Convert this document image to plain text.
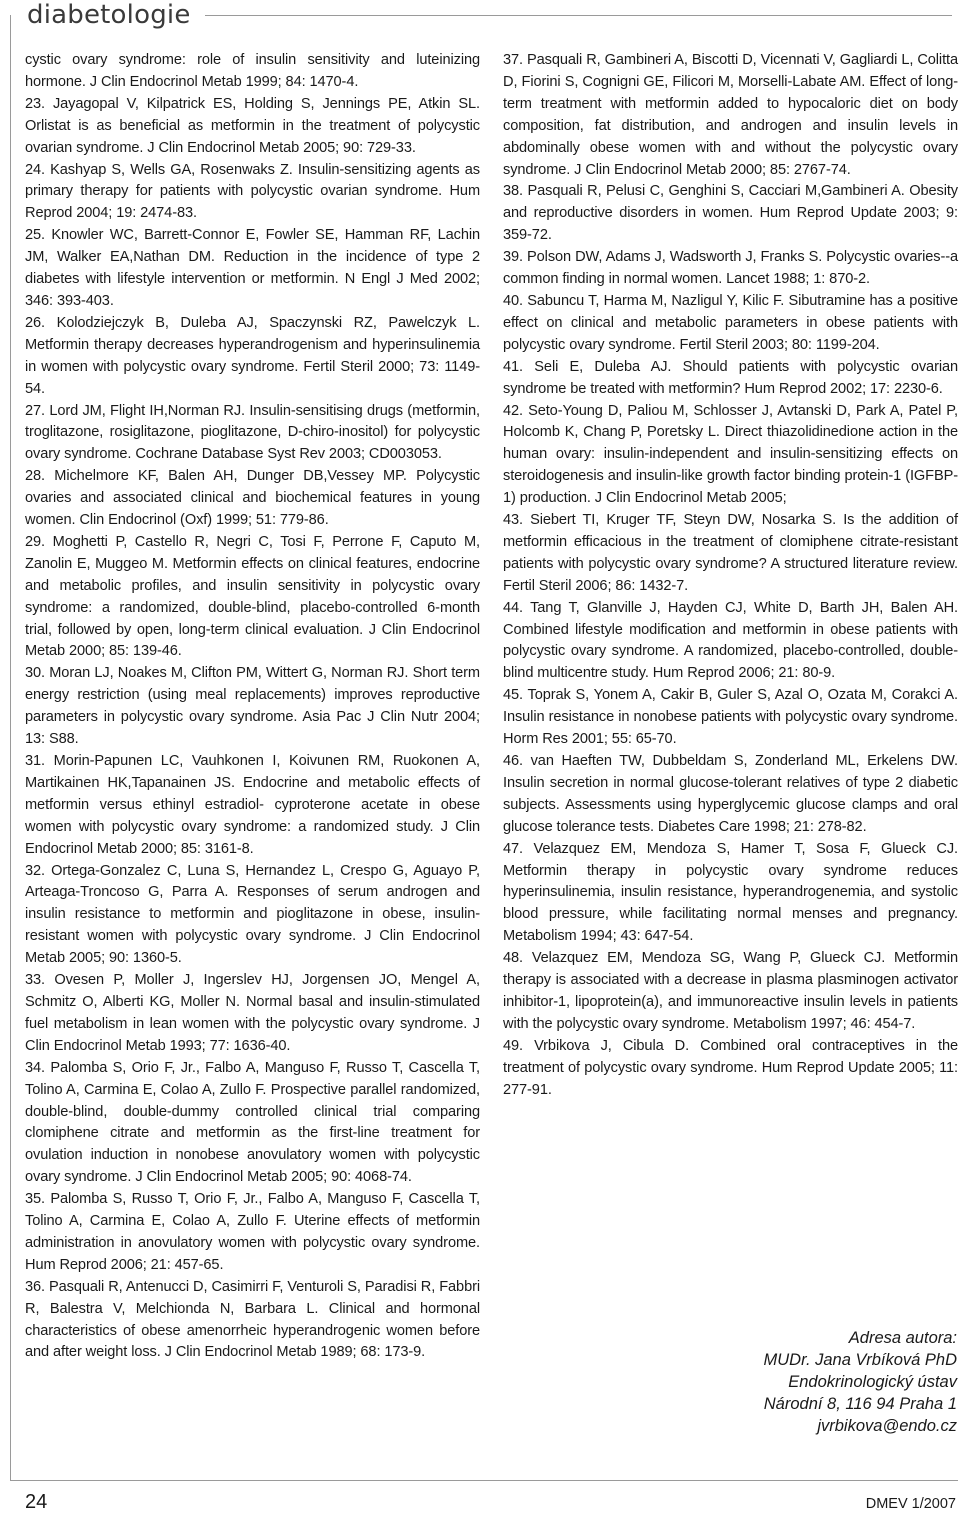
diabetologie

cystic ovary syndrome: role of insulin sensitivity and luteinizing hormone. J Clin Endocrinol Metab 1999; 84: 1470-4.

23. Jayagopal V, Kilpatrick ES, Holding S, Jennings PE, Atkin SL. Orlistat is as beneficial as metformin in the treatment of polycystic ovarian syndrome. J Clin Endocrinol Metab 2005; 90: 729-33.

24. Kashyap S, Wells GA, Rosenwaks Z. Insulin-sensitizing agents as primary therapy for patients with polycystic ovarian syndrome. Hum Reprod 2004; 19: 2474-83.

25. Knowler WC, Barrett-Connor E, Fowler SE, Hamman RF, Lachin JM, Walker EA,Nathan DM. Reduction in the incidence of type 2 diabetes with lifestyle intervention or metformin. N Engl J Med 2002; 346: 393-403.

26. Kolodziejczyk B, Duleba AJ, Spaczynski RZ, Pawelczyk L. Metformin therapy decreases hyperandrogenism and hyperinsulinemia in women with polycystic ovary syndrome. Fertil Steril 2000; 73: 1149-54.

27. Lord JM, Flight IH,Norman RJ. Insulin-sensitising drugs (metformin, troglitazone, rosiglitazone, pioglitazone, D-chiro-inositol) for polycystic ovary syndrome. Cochrane Database Syst Rev 2003; CD003053.

28. Michelmore KF, Balen AH, Dunger DB,Vessey MP. Polycystic ovaries and associated clinical and biochemical features in young women. Clin Endocrinol (Oxf) 1999; 51: 779-86.

29. Moghetti P, Castello R, Negri C, Tosi F, Perrone F, Caputo M, Zanolin E, Muggeo M. Metformin effects on clinical features, endocrine and metabolic profiles, and insulin sensitivity in polycystic ovary syndrome: a randomized, double-blind, placebo-controlled 6-month trial, followed by open, long-term clinical evaluation. J Clin Endocrinol Metab 2000; 85: 139-46.

30. Moran LJ, Noakes M, Clifton PM, Wittert G, Norman RJ. Short term energy restriction (using meal replacements) improves reproductive parameters in polycystic ovary syndrome. Asia Pac J Clin Nutr 2004; 13: S88.

31. Morin-Papunen LC, Vauhkonen I, Koivunen RM, Ruokonen A, Martikainen HK,Tapanainen JS. Endocrine and metabolic effects of metformin versus ethinyl estradiol- cyproterone acetate in obese women with polycystic ovary syndrome: a randomized study. J Clin Endocrinol Metab 2000; 85: 3161-8.

32. Ortega-Gonzalez C, Luna S, Hernandez L, Crespo G, Aguayo P, Arteaga-Troncoso G, Parra A. Responses of serum androgen and insulin resistance to metformin and pioglitazone in obese, insulin-resistant women with polycystic ovary syndrome. J Clin Endocrinol Metab 2005; 90: 1360-5.

33. Ovesen P, Moller J, Ingerslev HJ, Jorgensen JO, Mengel A, Schmitz O, Alberti KG, Moller N. Normal basal and insulin-stimulated fuel metabolism in lean women with the polycystic ovary syndrome. J Clin Endocrinol Metab 1993; 77: 1636-40.

34. Palomba S, Orio F, Jr., Falbo A, Manguso F, Russo T, Cascella T, Tolino A, Carmina E, Colao A, Zullo F. Prospective parallel randomized, double-blind, double-dummy controlled clinical trial comparing clomiphene citrate and metformin as the first-line treatment for ovulation induction in nonobese anovulatory women with polycystic ovary syndrome. J Clin Endocrinol Metab 2005; 90: 4068-74.

35. Palomba S, Russo T, Orio F, Jr., Falbo A, Manguso F, Cascella T, Tolino A, Carmina E, Colao A, Zullo F. Uterine effects of metformin administration in anovulatory women with polycystic ovary syndrome. Hum Reprod 2006; 21: 457-65.

36. Pasquali R, Antenucci D, Casimirri F, Venturoli S, Paradisi R, Fabbri R, Balestra V, Melchionda N, Barbara L. Clinical and hormonal characteristics of obese amenorrheic hyperandrogenic women before and after weight loss. J Clin Endocrinol Metab 1989; 68: 173-9.

37. Pasquali R, Gambineri A, Biscotti D, Vicennati V, Gagliardi L, Colitta D, Fiorini S, Cognigni GE, Filicori M, Morselli-Labate AM. Effect of long-term treatment with metformin added to hypocaloric diet on body composition, fat distribution, and androgen and insulin levels in abdominally obese women with and without the polycystic ovary syndrome. J Clin Endocrinol Metab 2000; 85: 2767-74.

38. Pasquali R, Pelusi C, Genghini S, Cacciari M,Gambineri A. Obesity and reproductive disorders in women. Hum Reprod Update 2003; 9: 359-72.

39. Polson DW, Adams J, Wadsworth J, Franks S. Polycystic ovaries--a common finding in normal women. Lancet 1988; 1: 870-2.

40. Sabuncu T, Harma M, Nazligul Y, Kilic F. Sibutramine has a positive effect on clinical and metabolic parameters in obese patients with polycystic ovary syndrome. Fertil Steril 2003; 80: 1199-204.

41. Seli E, Duleba AJ. Should patients with polycystic ovarian syndrome be treated with metformin? Hum Reprod 2002; 17: 2230-6.

42. Seto-Young D, Paliou M, Schlosser J, Avtanski D, Park A, Patel P, Holcomb K, Chang P, Poretsky L. Direct thiazolidinedione action in the human ovary: insulin-independent and insulin-sensitizing effects on steroidogenesis and insulin-like growth factor binding protein-1 (IGFBP-1) production. J Clin Endocrinol Metab 2005;

43. Siebert TI, Kruger TF, Steyn DW, Nosarka S. Is the addition of metformin efficacious in the treatment of clomiphene citrate-resistant patients with polycystic ovary syndrome? A structured literature review. Fertil Steril 2006; 86: 1432-7.

44. Tang T, Glanville J, Hayden CJ, White D, Barth JH, Balen AH. Combined lifestyle modification and metformin in obese patients with polycystic ovary syndrome. A randomized, placebo-controlled, double-blind multicentre study. Hum Reprod 2006; 21: 80-9.

45. Toprak S, Yonem A, Cakir B, Guler S, Azal O, Ozata M, Corakci A. Insulin resistance in nonobese patients with polycystic ovary syndrome. Horm Res 2001; 55: 65-70.

46. van Haeften TW, Dubbeldam S, Zonderland ML, Erkelens DW. Insulin secretion in normal glucose-tolerant relatives of type 2 diabetic subjects. Assessments using hyperglycemic glucose clamps and oral glucose tolerance tests. Diabetes Care 1998; 21: 278-82.

47. Velazquez EM, Mendoza S, Hamer T, Sosa F, Glueck CJ. Metformin therapy in polycystic ovary syndrome reduces hyperinsulinemia, insulin resistance, hyperandrogenemia, and systolic blood pressure, while facilitating normal menses and pregnancy. Metabolism 1994; 43: 647-54.

48. Velazquez EM, Mendoza SG, Wang P, Glueck CJ. Metformin therapy is associated with a decrease in plasma plasminogen activator inhibitor-1, lipoprotein(a), and immunoreactive insulin levels in patients with the polycystic ovary syndrome. Metabolism 1997; 46: 454-7.

49. Vrbikova J, Cibula D. Combined oral contraceptives in the treatment of polycystic ovary syndrome. Hum Reprod Update 2005; 11: 277-91.

Adresa autora:
MUDr. Jana Vrbíková PhD
Endokrinologický ústav
Národní 8, 116 94 Praha 1
jvrbikova@endo.cz
24	DMEV 1/2007
